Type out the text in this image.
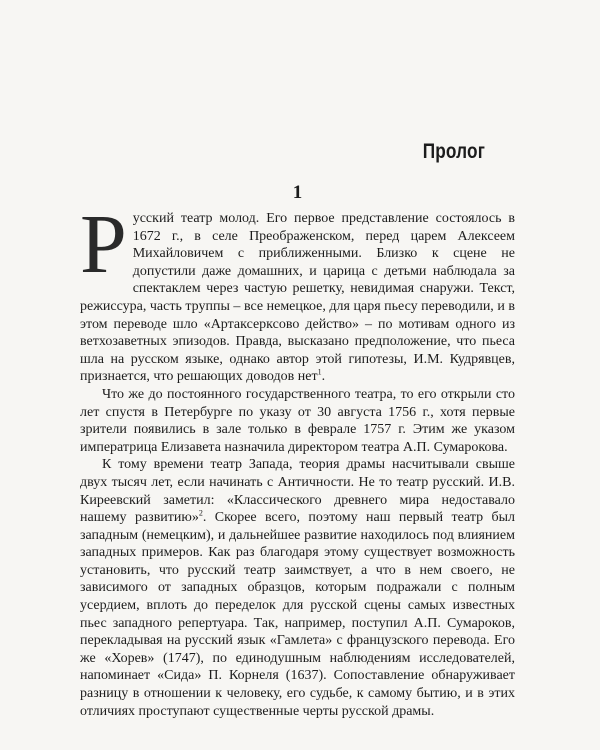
Пролог
1

Русский театр молод. Его первое представление состоялось в 1672 г., в селе Преображенском, перед царем Алексеем Михайловичем с приближенными. Близко к сцене не допустили даже домашних, и царица с детьми наблюдала за спектаклем через частую решетку, невидимая снаружи. Текст, режиссура, часть труппы – все немецкое, для царя пьесу переводили, и в этом переводе шло «Артаксерксово действо» – по мотивам одного из ветхозаветных эпизодов. Правда, высказано предположение, что пьеса шла на русском языке, однако автор этой гипотезы, И.М. Кудрявцев, признается, что решающих доводов нет$^1$.

Что же до постоянного государственного театра, то его открыли сто лет спустя в Петербурге по указу от 30 августа 1756 г., хотя первые зрители появились в зале только в феврале 1757 г. Этим же указом императрица Елизавета назначила директором театра А.П. Сумарокова.

К тому времени театр Запада, теория драмы насчитывали свыше двух тысяч лет, если начинать с Античности. Не то театр русский. И.В. Киреевский заметил: «Классического древнего мира недоставало нашему развитию»$^2$. Скорее всего, поэтому наш первый театр был западным (немецким), и дальнейшее развитие находилось под влиянием западных примеров. Как раз благодаря этому существует возможность установить, что русский театр заимствует, а что в нем своего, не зависимого от западных образцов, которым подражали с полным усердием, вплоть до переделок для русской сцены самых известных пьес западного репертуара. Так, например, поступил А.П. Сумароков, перекладывая на русский язык «Гамлета» с французского перевода. Его же «Хорев» (1747), по единодушным наблюдениям исследователей, напоминает «Сида» П. Корнеля (1637). Сопоставление обнаруживает разницу в отношении к человеку, его судьбе, к самому бытию, и в этих отличиях проступают существенные черты русской драмы.
